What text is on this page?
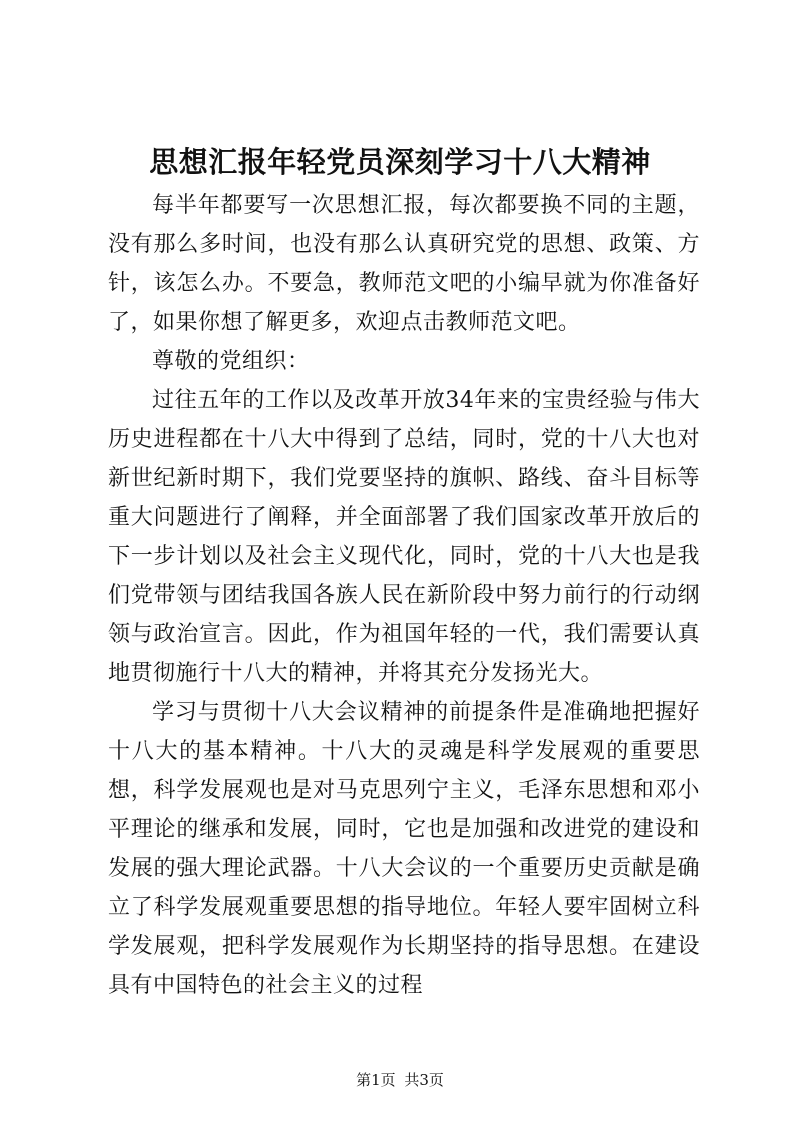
思想汇报年轻党员深刻学习十八大精神

每半年都要写一次思想汇报，每次都要换不同的主题，没有那么多时间，也没有那么认真研究党的思想、政策、方针，该怎么办。不要急，教师范文吧的小编早就为你准备好了，如果你想了解更多，欢迎点击教师范文吧。

尊敬的党组织：

过往五年的工作以及改革开放34年来的宝贵经验与伟大历史进程都在十八大中得到了总结，同时，党的十八大也对新世纪新时期下，我们党要坚持的旗帜、路线、奋斗目标等重大问题进行了阐释，并全面部署了我们国家改革开放后的下一步计划以及社会主义现代化，同时，党的十八大也是我们党带领与团结我国各族人民在新阶段中努力前行的行动纲领与政治宣言。因此，作为祖国年轻的一代，我们需要认真地贯彻施行十八大的精神，并将其充分发扬光大。

学习与贯彻十八大会议精神的前提条件是准确地把握好十八大的基本精神。十八大的灵魂是科学发展观的重要思想，科学发展观也是对马克思列宁主义，毛泽东思想和邓小平理论的继承和发展，同时，它也是加强和改进党的建设和发展的强大理论武器。十八大会议的一个重要历史贡献是确立了科学发展观重要思想的指导地位。年轻人要牢固树立科学发展观，把科学发展观作为长期坚持的指导思想。在建设具有中国特色的社会主义的过程

第1页 共3页
